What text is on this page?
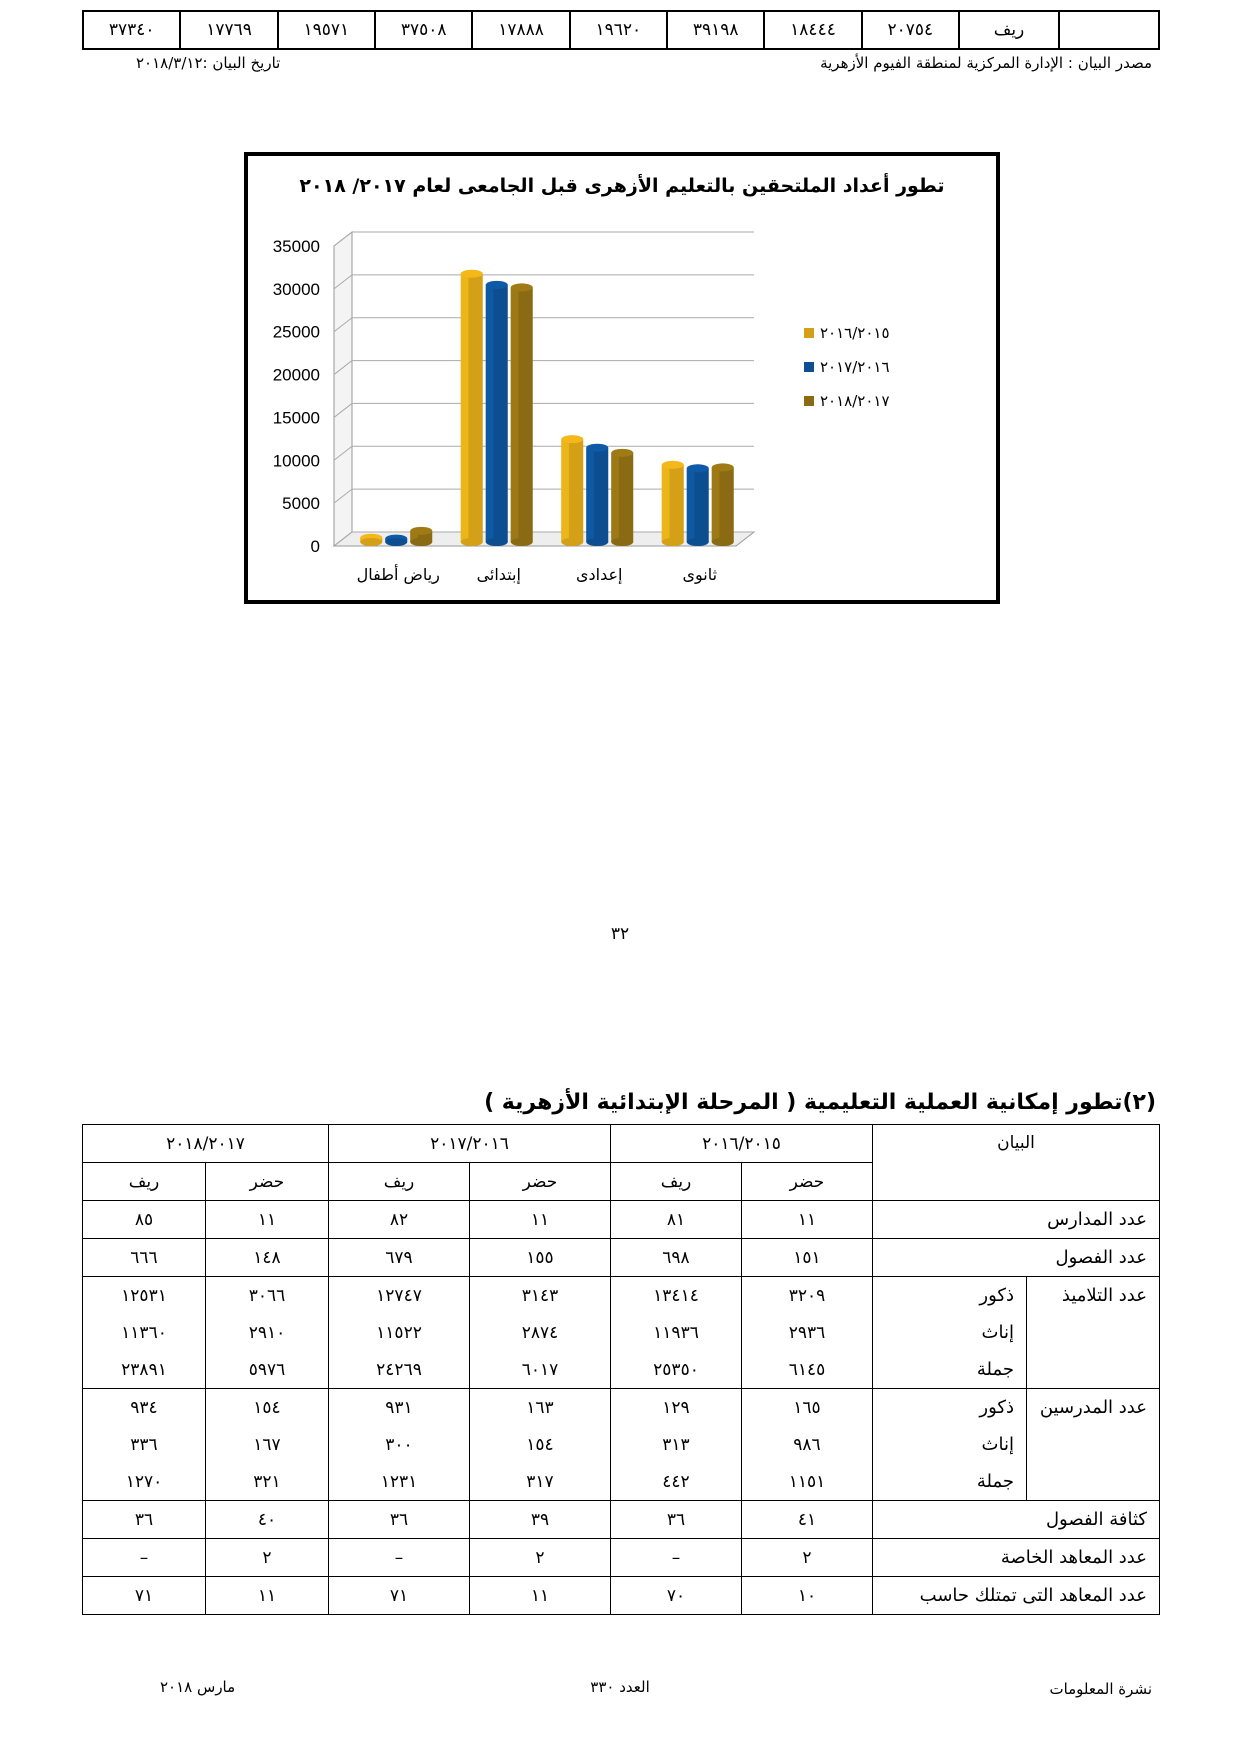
	ريف	٢٠٧٥٤	١٨٤٤٤	٣٩١٩٨	١٩٦٢٠	١٧٨٨٨	٣٧٥٠٨	١٩٥٧١	١٧٧٦٩	٣٧٣٤٠
مصدر البيان : الإدارة المركزية لمنطقة الفيوم الأزهرية
تاريخ البيان :٢٠١٨/٣/١٢
تطور أعداد الملتحقين بالتعليم الأزهرى قبل الجامعى لعام ٢٠١٧/ ٢٠١٨
0
5000
10000
15000
20000
25000
30000
35000
رياض أطفال إبتدائى	إعدادى	ثانوى
٢٠١٦/٢٠١٥
٢٠١٧/٢٠١٦
٢٠١٨/٢٠١٧
٣٢
(٢)تطور إمكانية العملية التعليمية ( المرحلة الإبتدائية الأزهرية )
البيان		٢٠١٦/٢٠١٥		٢٠١٧/٢٠١٦		٢٠١٨/٢٠١٧	
		حضر	ريف	حضر	ريف	حضر	ريف
عدد المدارس		١١	٨١	١١	٨٢	١١	٨٥
عدد الفصول		١٥١	٦٩٨	١٥٥	٦٧٩	١٤٨	٦٦٦
عدد التلاميذ	ذكور	٣٢٠٩	١٣٤١٤	٣١٤٣	١٢٧٤٧	٣٠٦٦	١٢٥٣١
	إناث	٢٩٣٦	١١٩٣٦	٢٨٧٤	١١٥٢٢	٢٩١٠	١١٣٦٠
	جملة	٦١٤٥	٢٥٣٥٠	٦٠١٧	٢٤٢٦٩	٥٩٧٦	٢٣٨٩١
عدد المدرسين	ذكور	١٦٥	١٢٩	١٦٣	٩٣١	١٥٤	٩٣٤
	إناث	٩٨٦	٣١٣	١٥٤	٣٠٠	١٦٧	٣٣٦
	جملة	١١٥١	٤٤٢	٣١٧	١٢٣١	٣٢١	١٢٧٠
كثافة الفصول		٤١	٣٦	٣٩	٣٦	٤٠	٣٦
عدد المعاهد الخاصة		٢	–	٢	–	٢	–
عدد المعاهد التى تمتلك حاسب		١٠	٧٠	١١	٧١	١١	٧١
نشرة المعلومات
العدد ٣٣٠
مارس ٢٠١٨
